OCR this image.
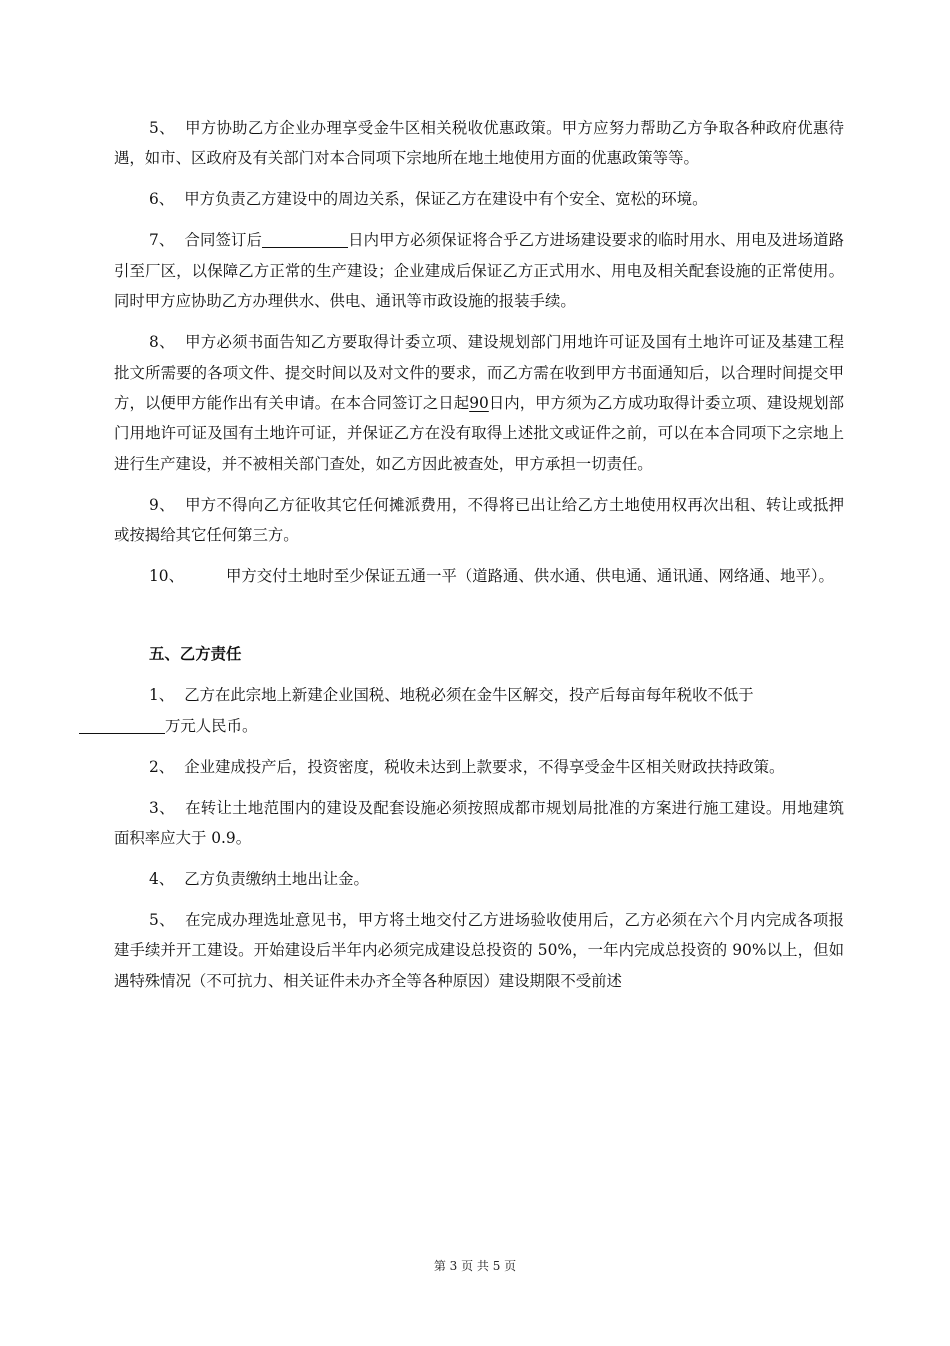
5、 甲方协助乙方企业办理享受金牛区相关税收优惠政策。甲方应努力帮助乙方争取各种政府优惠待遇，如市、区政府及有关部门对本合同项下宗地所在地土地使用方面的优惠政策等等。

6、 甲方负责乙方建设中的周边关系，保证乙方在建设中有个安全、宽松的环境。

7、 合同签订后	日内甲方必须保证将合乎乙方进场建设要求的临时用水、用电及进场道路引至厂区，以保障乙方正常的生产建设；企业建成后保证乙方正式用水、用电及相关配套设施的正常使用。同时甲方应协助乙方办理供水、供电、通讯等市政设施的报装手续。

8、 甲方必须书面告知乙方要取得计委立项、建设规划部门用地许可证及国有土地许可证及基建工程批文所需要的各项文件、提交时间以及对文件的要求，而乙方需在收到甲方书面通知后，以合理时间提交甲方，以便甲方能作出有关申请。在本合同签订之日起90日内，甲方须为乙方成功取得计委立项、建设规划部门用地许可证及国有土地许可证，并保证乙方在没有取得上述批文或证件之前，可以在本合同项下之宗地上进行生产建设，并不被相关部门查处，如乙方因此被查处，甲方承担一切责任。

9、 甲方不得向乙方征收其它任何摊派费用，不得将已出让给乙方土地使用权再次出租、转让或抵押或按揭给其它任何第三方。

10、	甲方交付土地时至少保证五通一平（道路通、供水通、供电通、通讯通、网络通、地平）。

五、乙方责任

1、 乙方在此宗地上新建企业国税、地税必须在金牛区解交，投产后每亩每年税收不低于
万元人民币。

2、 企业建成投产后，投资密度，税收未达到上款要求，不得享受金牛区相关财政扶持政策。

3、 在转让土地范围内的建设及配套设施必须按照成都市规划局批准的方案进行施工建设。用地建筑面积率应大于 0.9。

4、 乙方负责缴纳土地出让金。

5、 在完成办理选址意见书，甲方将土地交付乙方进场验收使用后，乙方必须在六个月内完成各项报建手续并开工建设。开始建设后半年内必须完成建设总投资的 50%，一年内完成总投资的 90%以上，但如遇特殊情况（不可抗力、相关证件未办齐全等各种原因）建设期限不受前述

第 3 页 共 5 页
